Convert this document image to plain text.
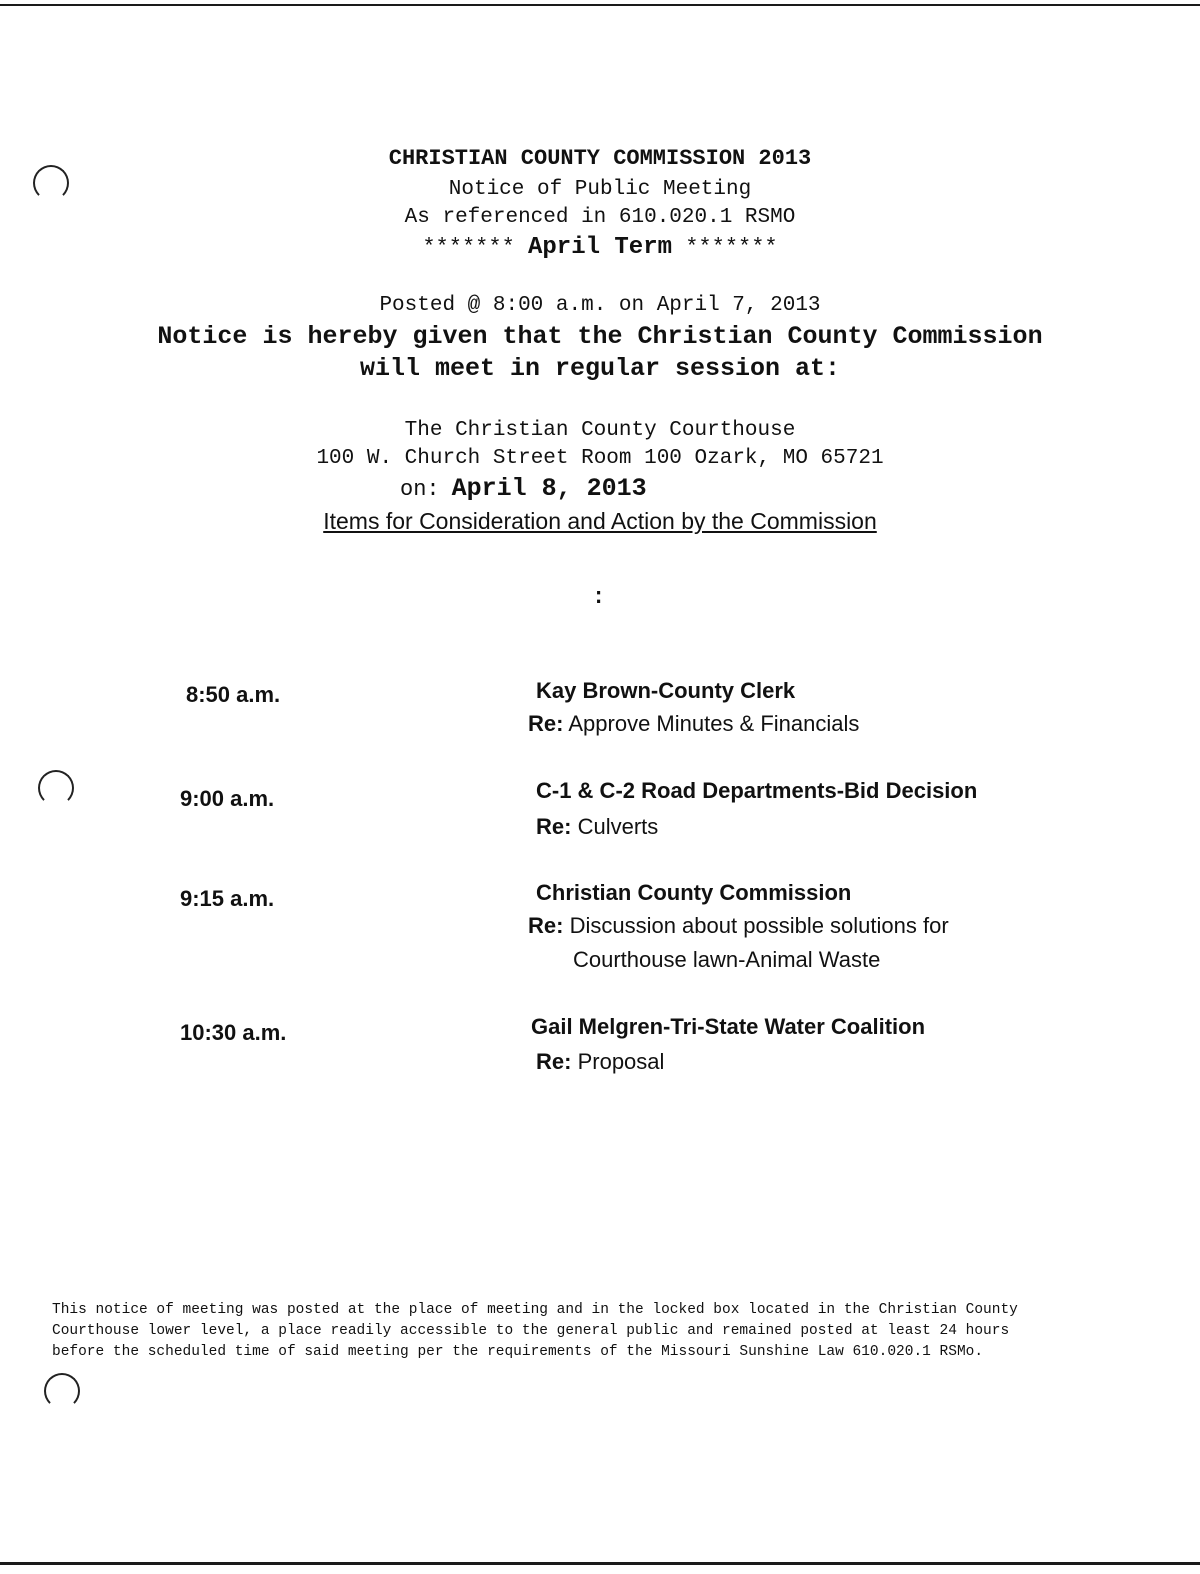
CHRISTIAN COUNTY COMMISSION 2013
Notice of Public Meeting
As referenced in 610.020.1 RSMO
******* April Term *******
Posted @ 8:00 a.m. on April 7, 2013
Notice is hereby given that the Christian County Commission
will meet in regular session at:
The Christian County Courthouse
100 W. Church Street Room 100 Ozark, MO 65721
on: April 8, 2013
Items for Consideration and Action by the Commission
:
8:50 a.m.	Kay Brown-County Clerk
Re: Approve Minutes & Financials
9:00 a.m.	C-1 & C-2 Road Departments-Bid Decision
Re: Culverts
9:15 a.m.	Christian County Commission
Re: Discussion about possible solutions for
Courthouse lawn-Animal Waste
10:30 a.m.	Gail Melgren-Tri-State Water Coalition
Re: Proposal
This notice of meeting was posted at the place of meeting and in the locked box located in the Christian County
Courthouse lower level, a place readily accessible to the general public and remained posted at least 24 hours
before the scheduled time of said meeting per the requirements of the Missouri Sunshine Law 610.020.1 RSMo.
